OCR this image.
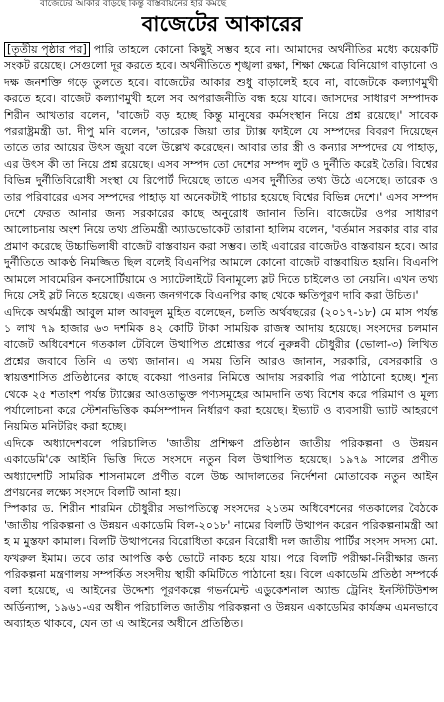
বাজেটের আকার বাড়ছে কিন্তু বাস্তবায়নের হার কমছে
বাজেটের আকারের

[তৃতীয় পৃষ্ঠার পর] পারি তাহলে কোনো কিছুই সম্ভব হবে না। আমাদের অর্থনীতির মধ্যে কয়েকটি সংকট রয়েছে। সেগুলো দূর করতে হবে। অর্থনীতিতে শৃঙ্খলা রক্ষা, শিক্ষা ক্ষেত্রে বিনিয়োগ বাড়ানো ও দক্ষ জনশক্তি গড়ে তুলতে হবে। বাজেটের আকার শুধু বাড়ালেই হবে না, বাজেটকে কল্যাণমুখী করতে হবে। বাজেট কল্যাণমুখী হলে সব অপরাজনীতি বন্ধ হয়ে যাবে। জাসদের সাধারণ সম্পাদক শিরীন আখতার বলেন, 'বাজেট বড় হচ্ছে কিন্তু মানুষের কর্মসংস্থান নিয়ে প্রশ্ন রয়েছে।' সাবেক পররাষ্ট্রমন্ত্রী ডা. দীপু মনি বলেন, 'তারেক জিয়া তার ট্যাক্স ফাইলে যে সম্পদের বিবরণ দিয়েছেন তাতে তার আয়ের উৎস জুয়া বলে উল্লেখ করেছেন। আবার তার স্ত্রী ও কন্যার সম্পদের যে পাহাড়, এর উৎস কী তা নিয়ে প্রশ্ন রয়েছে। এসব সম্পদ তো দেশের সম্পদ লুট ও দুর্নীতি করেই তৈরি। বিশ্বের বিভিন্ন দুর্নীতিবিরোধী সংস্থা যে রিপোর্ট দিয়েছে তাতে এসব দুর্নীতির তথ্য উঠে এসেছে। তারেক ও তার পরিবারের এসব সম্পদের পাহাড় যা অনেকটাই পাচার হয়েছে বিশ্বের বিভিন্ন দেশে।' এসব সম্পদ দেশে ফেরত আনার জন্য সরকারের কাছে অনুরোধ জানান তিনি। বাজেটের ওপর সাধারণ আলোচনায় অংশ নিয়ে তথ্য প্রতিমন্ত্রী অ্যাডভোকেট তারানা হালিম বলেন, 'বর্তমান সরকার বার বার প্রমাণ করেছে উচ্চাভিলাষী বাজেট বাস্তবায়ন করা সম্ভব। তাই এবারের বাজেটও বাস্তবায়ন হবে। আর দুর্নীতিতে আকণ্ঠ নিমজ্জিত ছিল বলেই বিএনপির আমলে কোনো বাজেট বাস্তবায়িত হয়নি। বিএনপি আমলে সাবমেরিন কনসোর্টিয়ামে ও স্যাটেলাইটে বিনামূল্যে স্লট দিতে চাইলেও তা নেয়নি। এখন তথ্য দিয়ে সেই স্লট নিতে হয়েছে। এজন্য জনগণকে বিএনপির কাছ থেকে ক্ষতিপূরণ দাবি করা উচিত।'

এদিকে অর্থমন্ত্রী আবুল মাল আবদুল মুহিত বলেছেন, চলতি অর্থবছরের (২০১৭-১৮) মে মাস পর্যন্ত ১ লাখ ৭৯ হাজার ৬৩ দশমিক ৪২ কোটি টাকা সাময়িক রাজস্ব আদায় হয়েছে। সংসদের চলমান বাজেট অধিবেশনে গতকাল টেবিলে উত্থাপিত প্রশ্নোত্তর পর্বে নুরুন্নবী চৌধুরীর (ভোলা-৩) লিখিত প্রশ্নের জবাবে তিনি এ তথ্য জানান। এ সময় তিনি আরও জানান, সরকারি, বেসরকারি ও স্বায়ত্তশাসিত প্রতিষ্ঠানের কাছে বকেয়া পাওনার নিমিত্তে আদায় সরকারি পত্র পাঠানো হচ্ছে। শূন্য থেকে ২৫ শতাংশ পর্যন্ত ট্যাক্সের আওতাভুক্ত পণ্যসমূহের আমদানি তথ্য বিশেষ করে পরিমাণ ও মূল্য পর্যালোচনা করে স্টেশনভিত্তিক কর্মসম্পাদন নির্ধারণ করা হয়েছে। ইভ্যাট ও ব্যবসায়ী ভ্যাট আহরণে নিয়মিত মনিটরিং করা হচ্ছে।

এদিকে অধ্যাদেশবলে পরিচালিত 'জাতীয় প্রশিক্ষণ প্রতিষ্ঠান জাতীয় পরিকল্পনা ও উন্নয়ন একাডেমি'কে আইনি ভিত্তি দিতে সংসদে নতুন বিল উত্থাপিত হয়েছে। ১৯৭৯ সালের প্রণীত অধ্যাদেশটি সামরিক শাসনামলে প্রণীত বলে উচ্চ আদালতের নির্দেশনা মোতাবেক নতুন আইন প্রণয়নের লক্ষ্যে সংসদে বিলটি আনা হয়।

স্পিকার ড. শিরীন শারমিন চৌধুরীর সভাপতিত্বে সংসদের ২১তম অধিবেশনের গতকালের বৈঠকে 'জাতীয় পরিকল্পনা ও উন্নয়ন একাডেমি বিল-২০১৮' নামের বিলটি উত্থাপন করেন পরিকল্পনামন্ত্রী আ হ ম মুস্তফা কামাল। বিলটি উত্থাপনের বিরোধিতা করেন বিরোধী দল জাতীয় পার্টির সংসদ সদস্য মো. ফখরুল ইমাম। তবে তার আপত্তি কণ্ঠ ভোটে নাকচ হয়ে যায়। পরে বিলটি পরীক্ষা-নিরীক্ষার জন্য পরিকল্পনা মন্ত্রণালয় সম্পর্কিত সংসদীয় স্থায়ী কমিটিতে পাঠানো হয়। বিলে একাডেমি প্রতিষ্ঠা সম্পর্কে বলা হয়েছে, এ আইনের উদ্দেশ্য পূরণকল্পে গভর্নমেন্ট এডুকেশনাল অ্যান্ড ট্রেনিং ইনস্টিটিউশন্স অর্ডিন্যান্স, ১৯৬১-এর অধীন পরিচালিত জাতীয় পরিকল্পনা ও উন্নয়ন একাডেমির কার্যক্রম এমনভাবে অব্যাহত থাকবে, যেন তা এ আইনের অধীনে প্রতিষ্ঠিত।
